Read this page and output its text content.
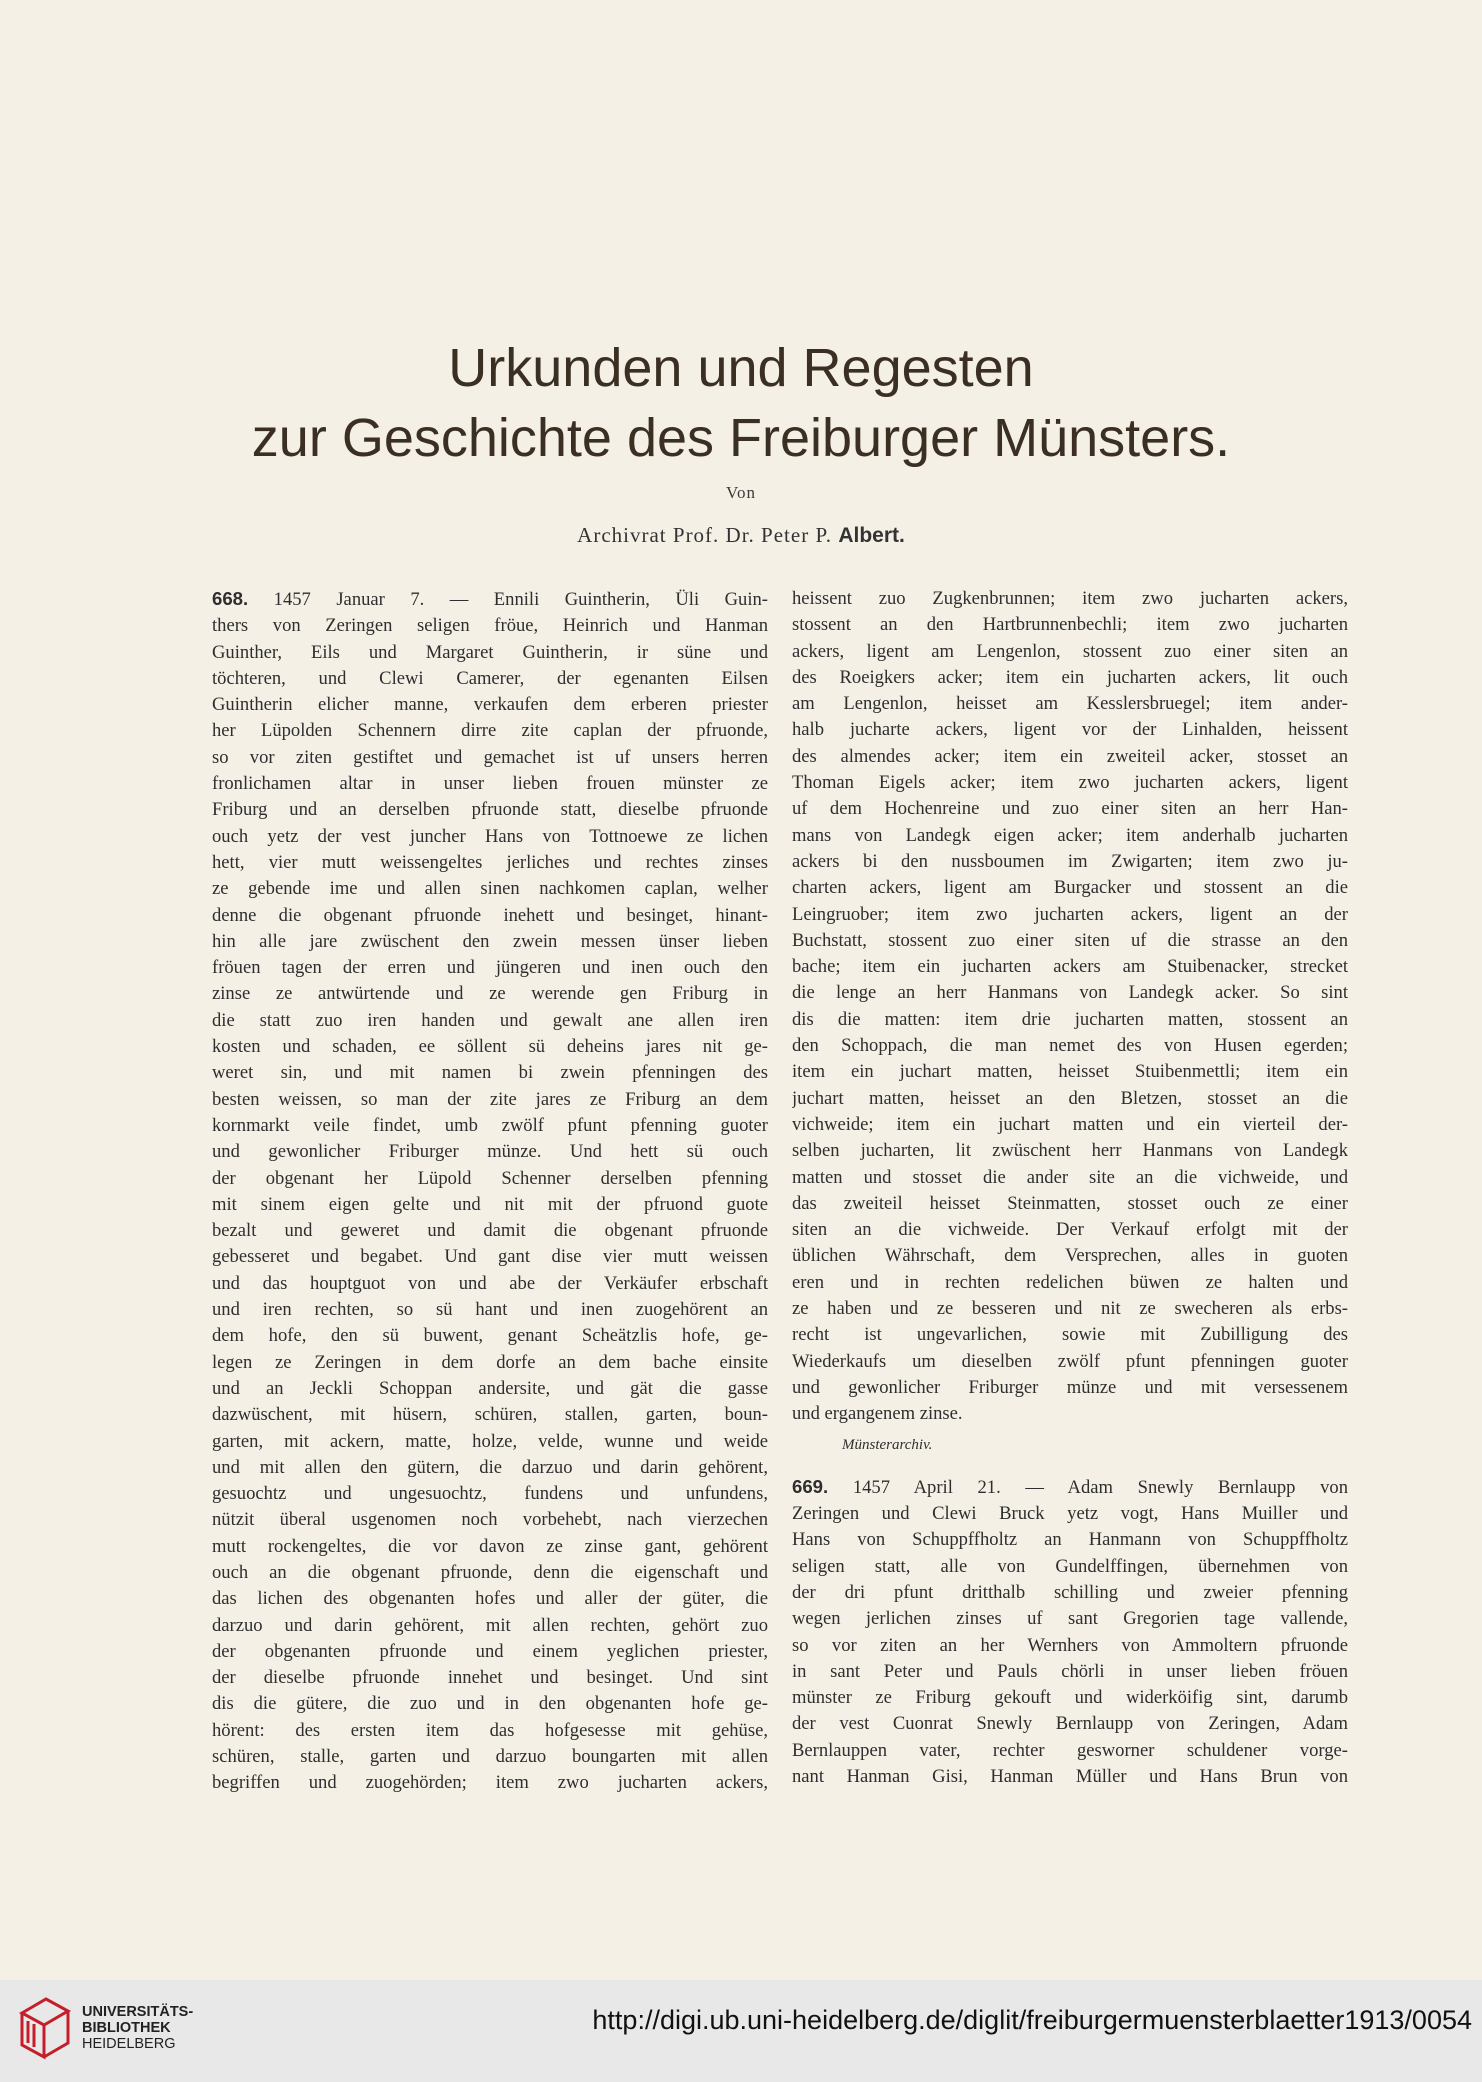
Urkunden und Regesten
zur Geschichte des Freiburger Münsters.
Von
Archivrat Prof. Dr. Peter P. Albert.
668. 1457 Januar 7. — Ennili Guintherin, Üli Guin-
thers von Zeringen seligen fröue, Heinrich und Hanman
Guinther, Eils und Margaret Guintherin, ir süne und
töchteren, und Clewi Camerer, der egenanten Eilsen
Guintherin elicher manne, verkaufen dem erberen priester
her Lüpolden Schennern dirre zite caplan der pfruonde,
so vor ziten gestiftet und gemachet ist uf unsers herren
fronlichamen altar in unser lieben frouen münster ze
Friburg und an derselben pfruonde statt, dieselbe pfruonde
ouch yetz der vest juncher Hans von Tottnoewe ze lichen
hett, vier mutt weissengeltes jerliches und rechtes zinses
ze gebende ime und allen sinen nachkomen caplan, welher
denne die obgenant pfruonde inehett und besinget, hinant-
hin alle jare zwüschent den zwein messen ünser lieben
fröuen tagen der erren und jüngeren und inen ouch den
zinse ze antwürtende und ze werende gen Friburg in
die statt zuo iren handen und gewalt ane allen iren
kosten und schaden, ee söllent sü deheins jares nit ge-
weret sin, und mit namen bi zwein pfenningen des
besten weissen, so man der zite jares ze Friburg an dem
kornmarkt veile findet, umb zwölf pfunt pfenning guoter
und gewonlicher Friburger münze. Und hett sü ouch
der obgenant her Lüpold Schenner derselben pfenning
mit sinem eigen gelte und nit mit der pfruond guote
bezalt und geweret und damit die obgenant pfruonde
gebesseret und begabet. Und gant dise vier mutt weissen
und das houptguot von und abe der Verkäufer erbschaft
und iren rechten, so sü hant und inen zuogehörent an
dem hofe, den sü buwent, genant Scheätzlis hofe, ge-
legen ze Zeringen in dem dorfe an dem bache einsite
und an Jeckli Schoppan andersite, und gät die gasse
dazwüschent, mit hüsern, schüren, stallen, garten, boun-
garten, mit ackern, matte, holze, velde, wunne und weide
und mit allen den gütern, die darzuo und darin gehörent,
gesuochtz und ungesuochtz, fundens und unfundens,
nützit überal usgenomen noch vorbehebt, nach vierzechen
mutt rockengeltes, die vor davon ze zinse gant, gehörent
ouch an die obgenant pfruonde, denn die eigenschaft und
das lichen des obgenanten hofes und aller der güter, die
darzuo und darin gehörent, mit allen rechten, gehört zuo
der obgenanten pfruonde und einem yeglichen priester,
der dieselbe pfruonde innehet und besinget. Und sint
dis die gütere, die zuo und in den obgenanten hofe ge-
hörent: des ersten item das hofgesesse mit gehüse,
schüren, stalle, garten und darzuo boungarten mit allen
begriffen und zuogehörden; item zwo jucharten ackers,
heissent zuo Zugkenbrunnen; item zwo jucharten ackers,
stossent an den Hartbrunnenbechli; item zwo jucharten
ackers, ligent am Lengenlon, stossent zuo einer siten an
des Roeigkers acker; item ein jucharten ackers, lit ouch
am Lengenlon, heisset am Kesslersbruegel; item ander-
halb jucharte ackers, ligent vor der Linhalden, heissent
des almendes acker; item ein zweiteil acker, stosset an
Thoman Eigels acker; item zwo jucharten ackers, ligent
uf dem Hochenreine und zuo einer siten an herr Han-
mans von Landegk eigen acker; item anderhalb jucharten
ackers bi den nussboumen im Zwigarten; item zwo ju-
charten ackers, ligent am Burgacker und stossent an die
Leingruober; item zwo jucharten ackers, ligent an der
Buchstatt, stossent zuo einer siten uf die strasse an den
bache; item ein jucharten ackers am Stuibenacker, strecket
die lenge an herr Hanmans von Landegk acker. So sint
dis die matten: item drie jucharten matten, stossent an
den Schoppach, die man nemet des von Husen egerden;
item ein juchart matten, heisset Stuibenmettli; item ein
juchart matten, heisset an den Bletzen, stosset an die
vichweide; item ein juchart matten und ein vierteil der-
selben jucharten, lit zwüschent herr Hanmans von Landegk
matten und stosset die ander site an die vichweide, und
das zweiteil heisset Steinmatten, stosset ouch ze einer
siten an die vichweide. Der Verkauf erfolgt mit der
üblichen Währschaft, dem Versprechen, alles in guoten
eren und in rechten redelichen büwen ze halten und
ze haben und ze besseren und nit ze swecheren als erbs-
recht ist ungevarlichen, sowie mit Zubilligung des
Wiederkaufs um dieselben zwölf pfunt pfenningen guoter
und gewonlicher Friburger münze und mit versessenem
und ergangenem zinse.
Münsterarchiv.
669. 1457 April 21. — Adam Snewly Bernlaupp von
Zeringen und Clewi Bruck yetz vogt, Hans Muiller und
Hans von Schuppffholtz an Hanmann von Schuppffholtz
seligen statt, alle von Gundelffingen, übernehmen von
der dri pfunt dritthalb schilling und zweier pfenning
wegen jerlichen zinses uf sant Gregorien tage vallende,
so vor ziten an her Wernhers von Ammoltern pfruonde
in sant Peter und Pauls chörli in unser lieben fröuen
münster ze Friburg gekouft und widerköifig sint, darumb
der vest Cuonrat Snewly Bernlaupp von Zeringen, Adam
Bernlauppen vater, rechter gesworner schuldener vorge-
nant Hanman Gisi, Hanman Müller und Hans Brun von
UNIVERSITÄTS-
BIBLIOTHEK
HEIDELBERG
http://digi.ub.uni-heidelberg.de/diglit/freiburgermuensterblaetter1913/0054
